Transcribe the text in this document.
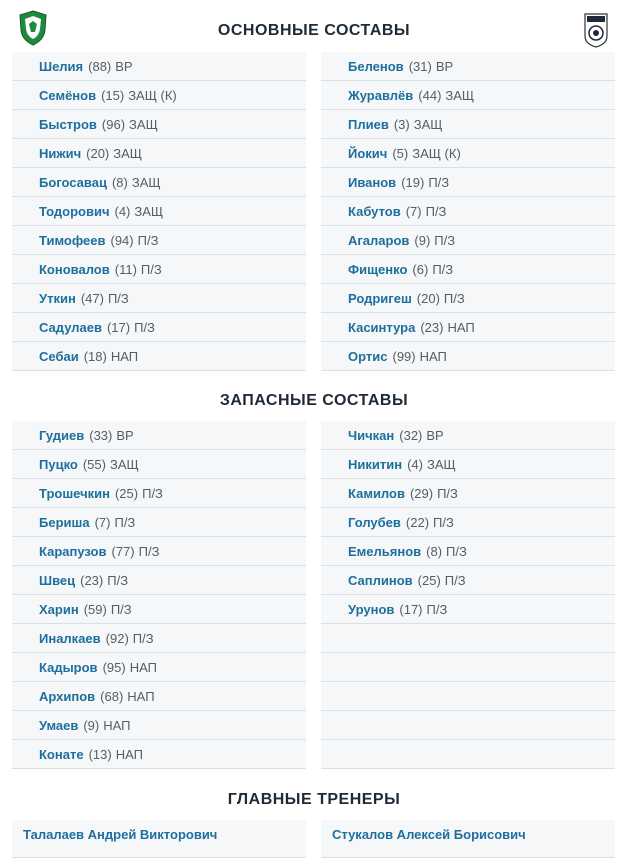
ОСНОВНЫЕ СОСТАВЫ
Шелия (88) ВР
Семёнов (15) ЗАЩ (К)
Быстров (96) ЗАЩ
Нижич (20) ЗАЩ
Богосавац (8) ЗАЩ
Тодорович (4) ЗАЩ
Тимофеев (94) П/З
Коновалов (11) П/З
Уткин (47) П/З
Садулаев (17) П/З
Себаи (18) НАП
Беленов (31) ВР
Журавлёв (44) ЗАЩ
Плиев (3) ЗАЩ
Йокич (5) ЗАЩ (К)
Иванов (19) П/З
Кабутов (7) П/З
Агаларов (9) П/З
Фищенко (6) П/З
Родригеш (20) П/З
Касинтура (23) НАП
Ортис (99) НАП
ЗАПАСНЫЕ СОСТАВЫ
Гудиев (33) ВР
Пуцко (55) ЗАЩ
Трошечкин (25) П/З
Бериша (7) П/З
Карапузов (77) П/З
Швец (23) П/З
Харин (59) П/З
Иналкаев (92) П/З
Кадыров (95) НАП
Архипов (68) НАП
Умаев (9) НАП
Конате (13) НАП
Чичкан (32) ВР
Никитин (4) ЗАЩ
Камилов (29) П/З
Голубев (22) П/З
Емельянов (8) П/З
Саплинов (25) П/З
Урунов (17) П/З
ГЛАВНЫЕ ТРЕНЕРЫ
Талалаев Андрей Викторович	Стукалов Алексей Борисович
